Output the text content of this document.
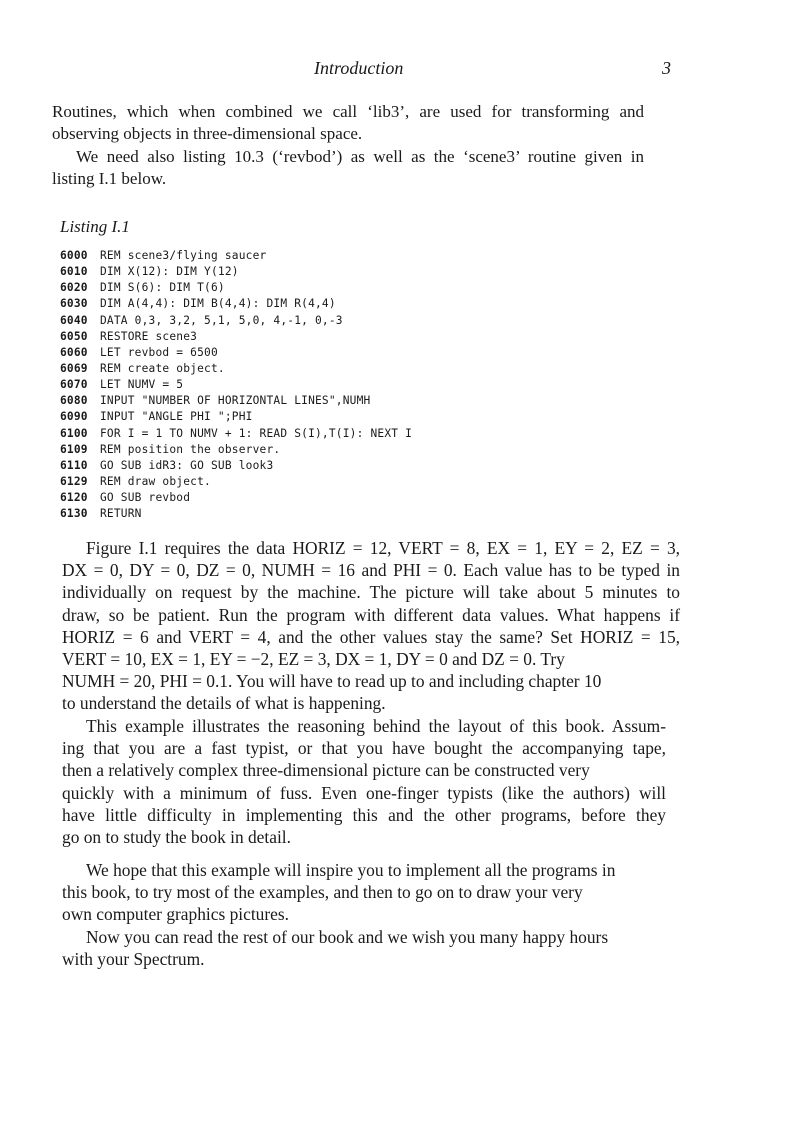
Introduction	3

Routines, which when combined we call ‘lib3’, are used for transforming and
observing objects in three-dimensional space.
We need also listing 10.3 (‘revbod’) as well as the ‘scene3’ routine given in
listing I.1 below.

Listing I.1
6000 REM scene3/flying saucer
6010 DIM X(12): DIM Y(12)
6020 DIM S(6): DIM T(6)
6030 DIM A(4,4): DIM B(4,4): DIM R(4,4)
6040 DATA 0,3, 3,2, 5,1, 5,0, 4,-1, 0,-3
6050 RESTORE scene3
6060 LET revbod = 6500
6069 REM create object.
6070 LET NUMV = 5
6080 INPUT "NUMBER OF HORIZONTAL LINES",NUMH
6090 INPUT "ANGLE PHI ";PHI
6100 FOR I = 1 TO NUMV + 1: READ S(I),T(I): NEXT I
6109 REM position the observer.
6110 GO SUB idR3: GO SUB look3
6129 REM draw object.
6120 GO SUB revbod
6130 RETURN

Figure I.1 requires the data HORIZ = 12, VERT = 8, EX = 1, EY = 2, EZ = 3,
DX = 0, DY = 0, DZ = 0, NUMH = 16 and PHI = 0. Each value has to be typed in
individually on request by the machine. The picture will take about 5 minutes to
draw, so be patient. Run the program with different data values. What happens if
HORIZ = 6 and VERT = 4, and the other values stay the same? Set HORIZ = 15,
VERT = 10, EX = 1, EY = −2, EZ = 3, DX = 1, DY = 0 and DZ = 0. Try
NUMH = 20, PHI = 0.1. You will have to read up to and including chapter 10
to understand the details of what is happening.

This example illustrates the reasoning behind the layout of this book. Assum-
ing that you are a fast typist, or that you have bought the accompanying tape,
then a relatively complex three-dimensional picture can be constructed very
quickly with a minimum of fuss. Even one-finger typists (like the authors) will
have little difficulty in implementing this and the other programs, before they
go on to study the book in detail.

We hope that this example will inspire you to implement all the programs in
this book, to try most of the examples, and then to go on to draw your very
own computer graphics pictures.

Now you can read the rest of our book and we wish you many happy hours
with your Spectrum.
